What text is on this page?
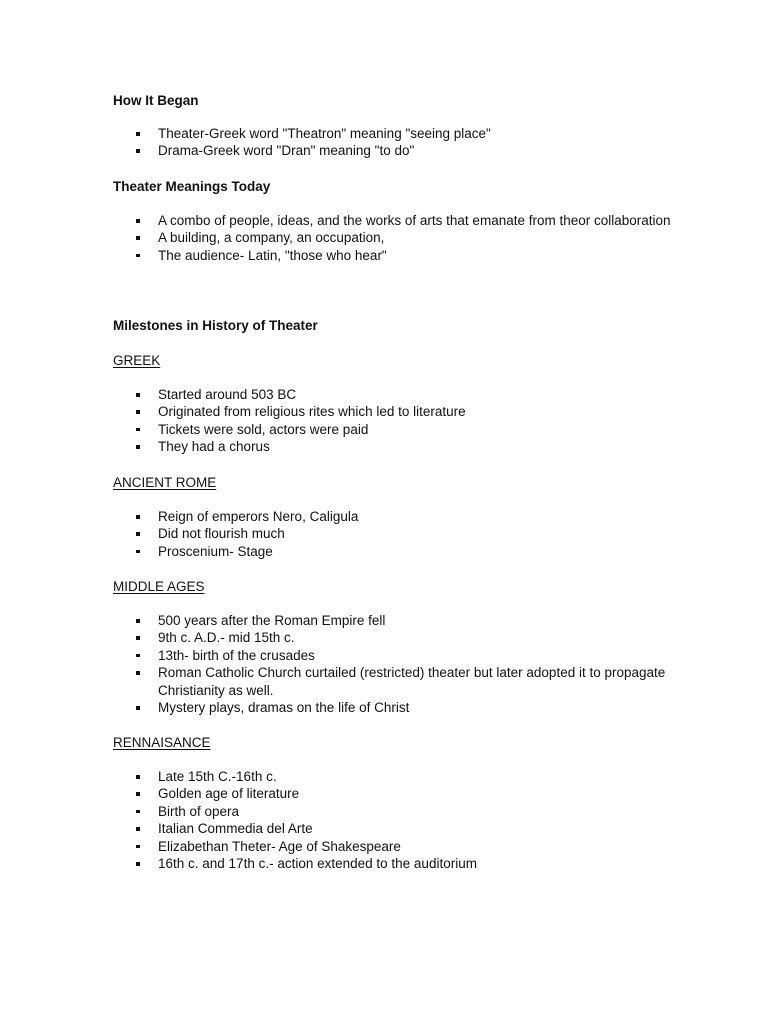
How It Began
Theater-Greek word "Theatron" meaning "seeing place"
Drama-Greek word "Dran" meaning "to do"
Theater Meanings Today
A combo of people, ideas, and the works of arts that emanate from theor collaboration
A building, a company, an occupation,
The audience- Latin, "those who hear"
Milestones in History of Theater

GREEK

Started around 503 BC
Originated from religious rites which led to literature
Tickets were sold, actors were paid
They had a chorus

ANCIENT ROME

Reign of emperors Nero, Caligula
Did not flourish much
Proscenium- Stage

MIDDLE AGES

500 years after the Roman Empire fell
9th c. A.D.- mid 15th c.
13th- birth of the crusades
Roman Catholic Church curtailed (restricted) theater but later adopted it to propagate Christianity as well.
Mystery plays, dramas on the life of Christ

RENNAISANCE

Late 15th C.-16th c.
Golden age of literature
Birth of opera
Italian Commedia del Arte
Elizabethan Theter- Age of Shakespeare
16th c. and 17th c.- action extended to the auditorium
